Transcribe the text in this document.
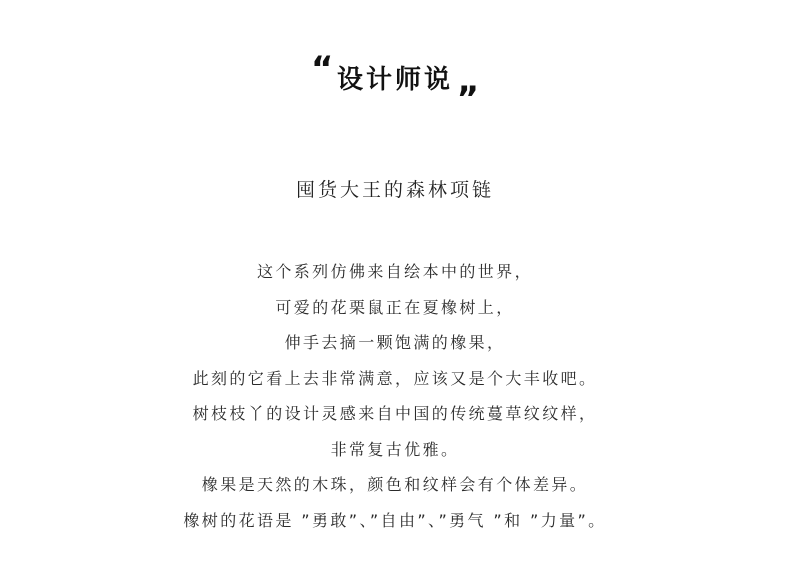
“ 设计师说 ”
囤货大王的森林项链
这个系列仿佛来自绘本中的世界，
可爱的花栗鼠正在夏橡树上，
伸手去摘一颗饱满的橡果，
此刻的它看上去非常满意，应该又是个大丰收吧。
树枝枝丫的设计灵感来自中国的传统蔓草纹纹样，
非常复古优雅。
橡果是天然的木珠，颜色和纹样会有个体差异。
橡树的花语是 ”勇敢”、”自由”、”勇气 ”和 ”力量”。
